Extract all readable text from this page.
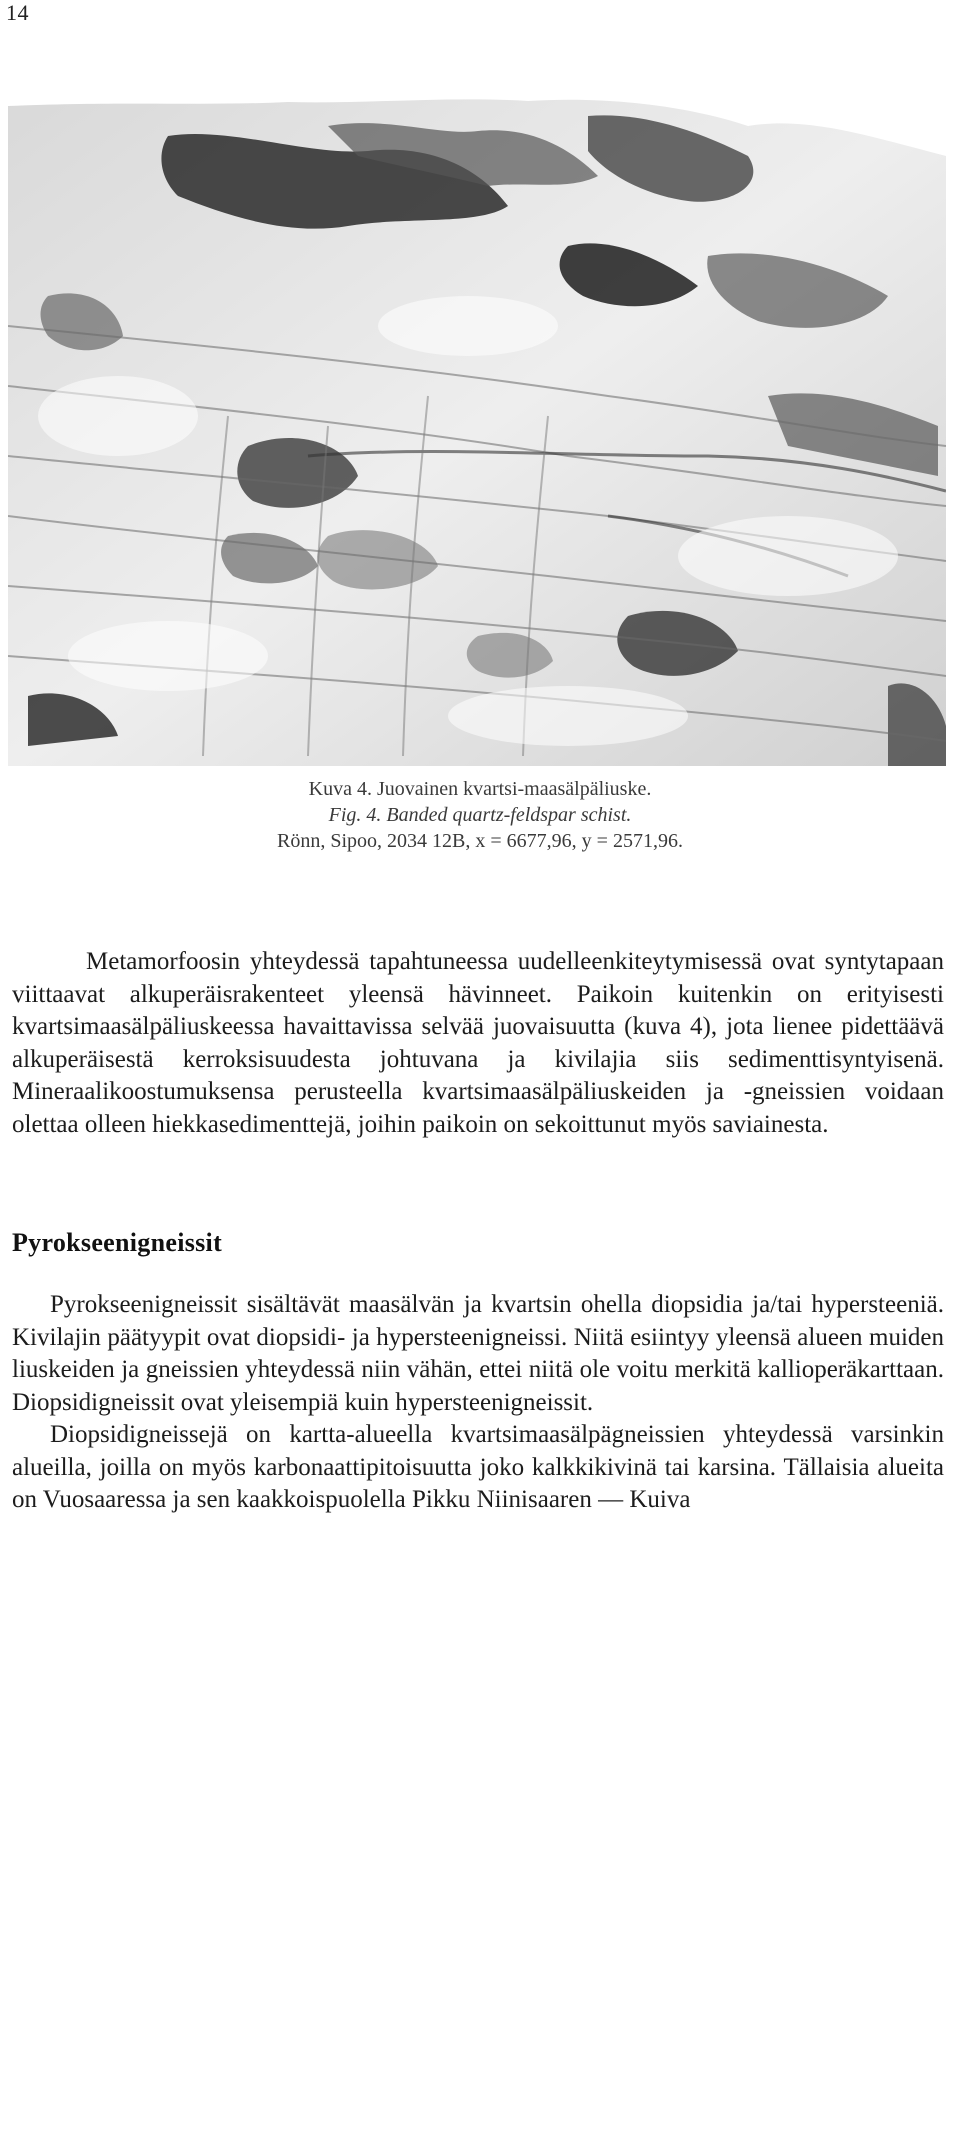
14
Kuva 4. Juovainen kvartsi-maasälpäliuske.
Fig. 4. Banded quartz-feldspar schist.
Rönn, Sipoo, 2034 12B, x = 6677,96, y = 2571,96.

Metamorfoosin yhteydessä tapahtuneessa uudelleenkiteytymisessä ovat syntytapaan viittaavat alkuperäisrakenteet yleensä hävinneet. Paikoin kuitenkin on erityisesti kvartsimaasälpäliuskeessa havaittavissa selvää juovaisuutta (kuva 4), jota lienee pidettäävä alkuperäisestä kerroksisuudesta johtuvana ja kivilajia siis sedimenttisyntyisenä. Mineraalikoostumuksensa perusteella kvartsimaasälpäliuskeiden ja -gneissien voidaan olettaa olleen hiekkasedimenttejä, joihin paikoin on sekoittunut myös saviainesta.

Pyrokseenigneissit

Pyrokseenigneissit sisältävät maasälvän ja kvartsin ohella diopsidia ja/tai hypersteeniä. Kivilajin päätyypit ovat diopsidi- ja hypersteenigneissi. Niitä esiintyy yleensä alueen muiden liuskeiden ja gneissien yhteydessä niin vähän, ettei niitä ole voitu merkitä kallioperäkarttaan. Diopsidigneissit ovat yleisempiä kuin hypersteenigneissit.

Diopsidigneissejä on kartta-alueella kvartsimaasälpägneissien yhteydessä varsinkin alueilla, joilla on myös karbonaattipitoisuutta joko kalkkikivinä tai karsina. Tällaisia alueita on Vuosaaressa ja sen kaakkoispuolella Pikku Niinisaaren — Kuiva
